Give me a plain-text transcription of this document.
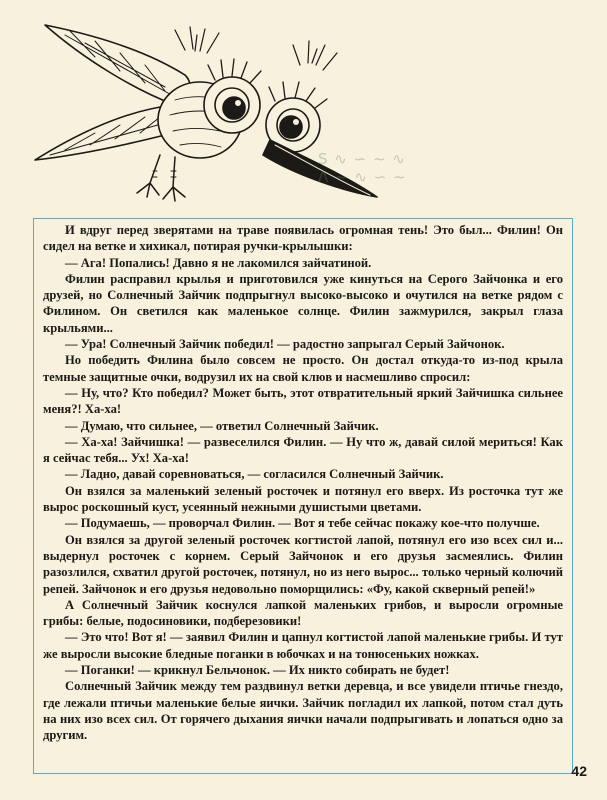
Ѕ ∿ ∽ ∼ ∿
ᐱ ∼ ∿ ∽ ∼

И вдруг перед зверятами на траве появилась огромная тень! Это был... Филин! Он сидел на ветке и хихикал, потирая ручки-крылышки:

— Ага! Попались! Давно я не лакомился зайчатиной.

Филин расправил крылья и приготовился уже кинуться на Серого Зайчонка и его друзей, но Солнечный Зайчик подпрыгнул высоко-высоко и очутился на ветке рядом с Филином. Он светился как маленькое солнце. Филин зажмурился, закрыл глаза крыльями...

— Ура! Солнечный Зайчик победил! — радостно запрыгал Серый Зайчонок.

Но победить Филина было совсем не просто. Он достал откуда-то из-под крыла темные защитные очки, водрузил их на свой клюв и насмешливо спросил:

— Ну, что? Кто победил? Может быть, этот отвратительный яркий Зайчишка сильнее меня?! Ха-ха!

— Думаю, что сильнее, — ответил Солнечный Зайчик.

— Ха-ха! Зайчишка! — развеселился Филин. — Ну что ж, давай силой мериться! Как я сейчас тебя... Ух! Ха-ха!

— Ладно, давай соревноваться, — согласился Солнечный Зайчик.

Он взялся за маленький зеленый росточек и потянул его вверх. Из росточка тут же вырос роскошный куст, усеянный нежными душистыми цветами.

— Подумаешь, — проворчал Филин. — Вот я тебе сейчас покажу кое-что получше.

Он взялся за другой зеленый росточек когтистой лапой, потянул его изо всех сил и... выдернул росточек с корнем. Серый Зайчонок и его друзья засмеялись. Филин разозлился, схватил другой росточек, потянул, но из него вырос... только черный колючий репей. Зайчонок и его друзья недовольно поморщились: «Фу, какой скверный репей!»

А Солнечный Зайчик коснулся лапкой маленьких грибов, и выросли огромные грибы: белые, подосиновики, подберезовики!

— Это что! Вот я! — заявил Филин и цапнул когтистой лапой маленькие грибы. И тут же выросли высокие бледные поганки в юбочках и на тонюсеньких ножках.

— Поганки! — крикнул Бельчонок. — Их никто собирать не будет!

Солнечный Зайчик между тем раздвинул ветки деревца, и все увидели птичье гнездо, где лежали птичьи маленькие белые яички. Зайчик погладил их лапкой, потом стал дуть на них изо всех сил. От горячего дыхания яички начали подпрыгивать и лопаться одно за другим.

42
